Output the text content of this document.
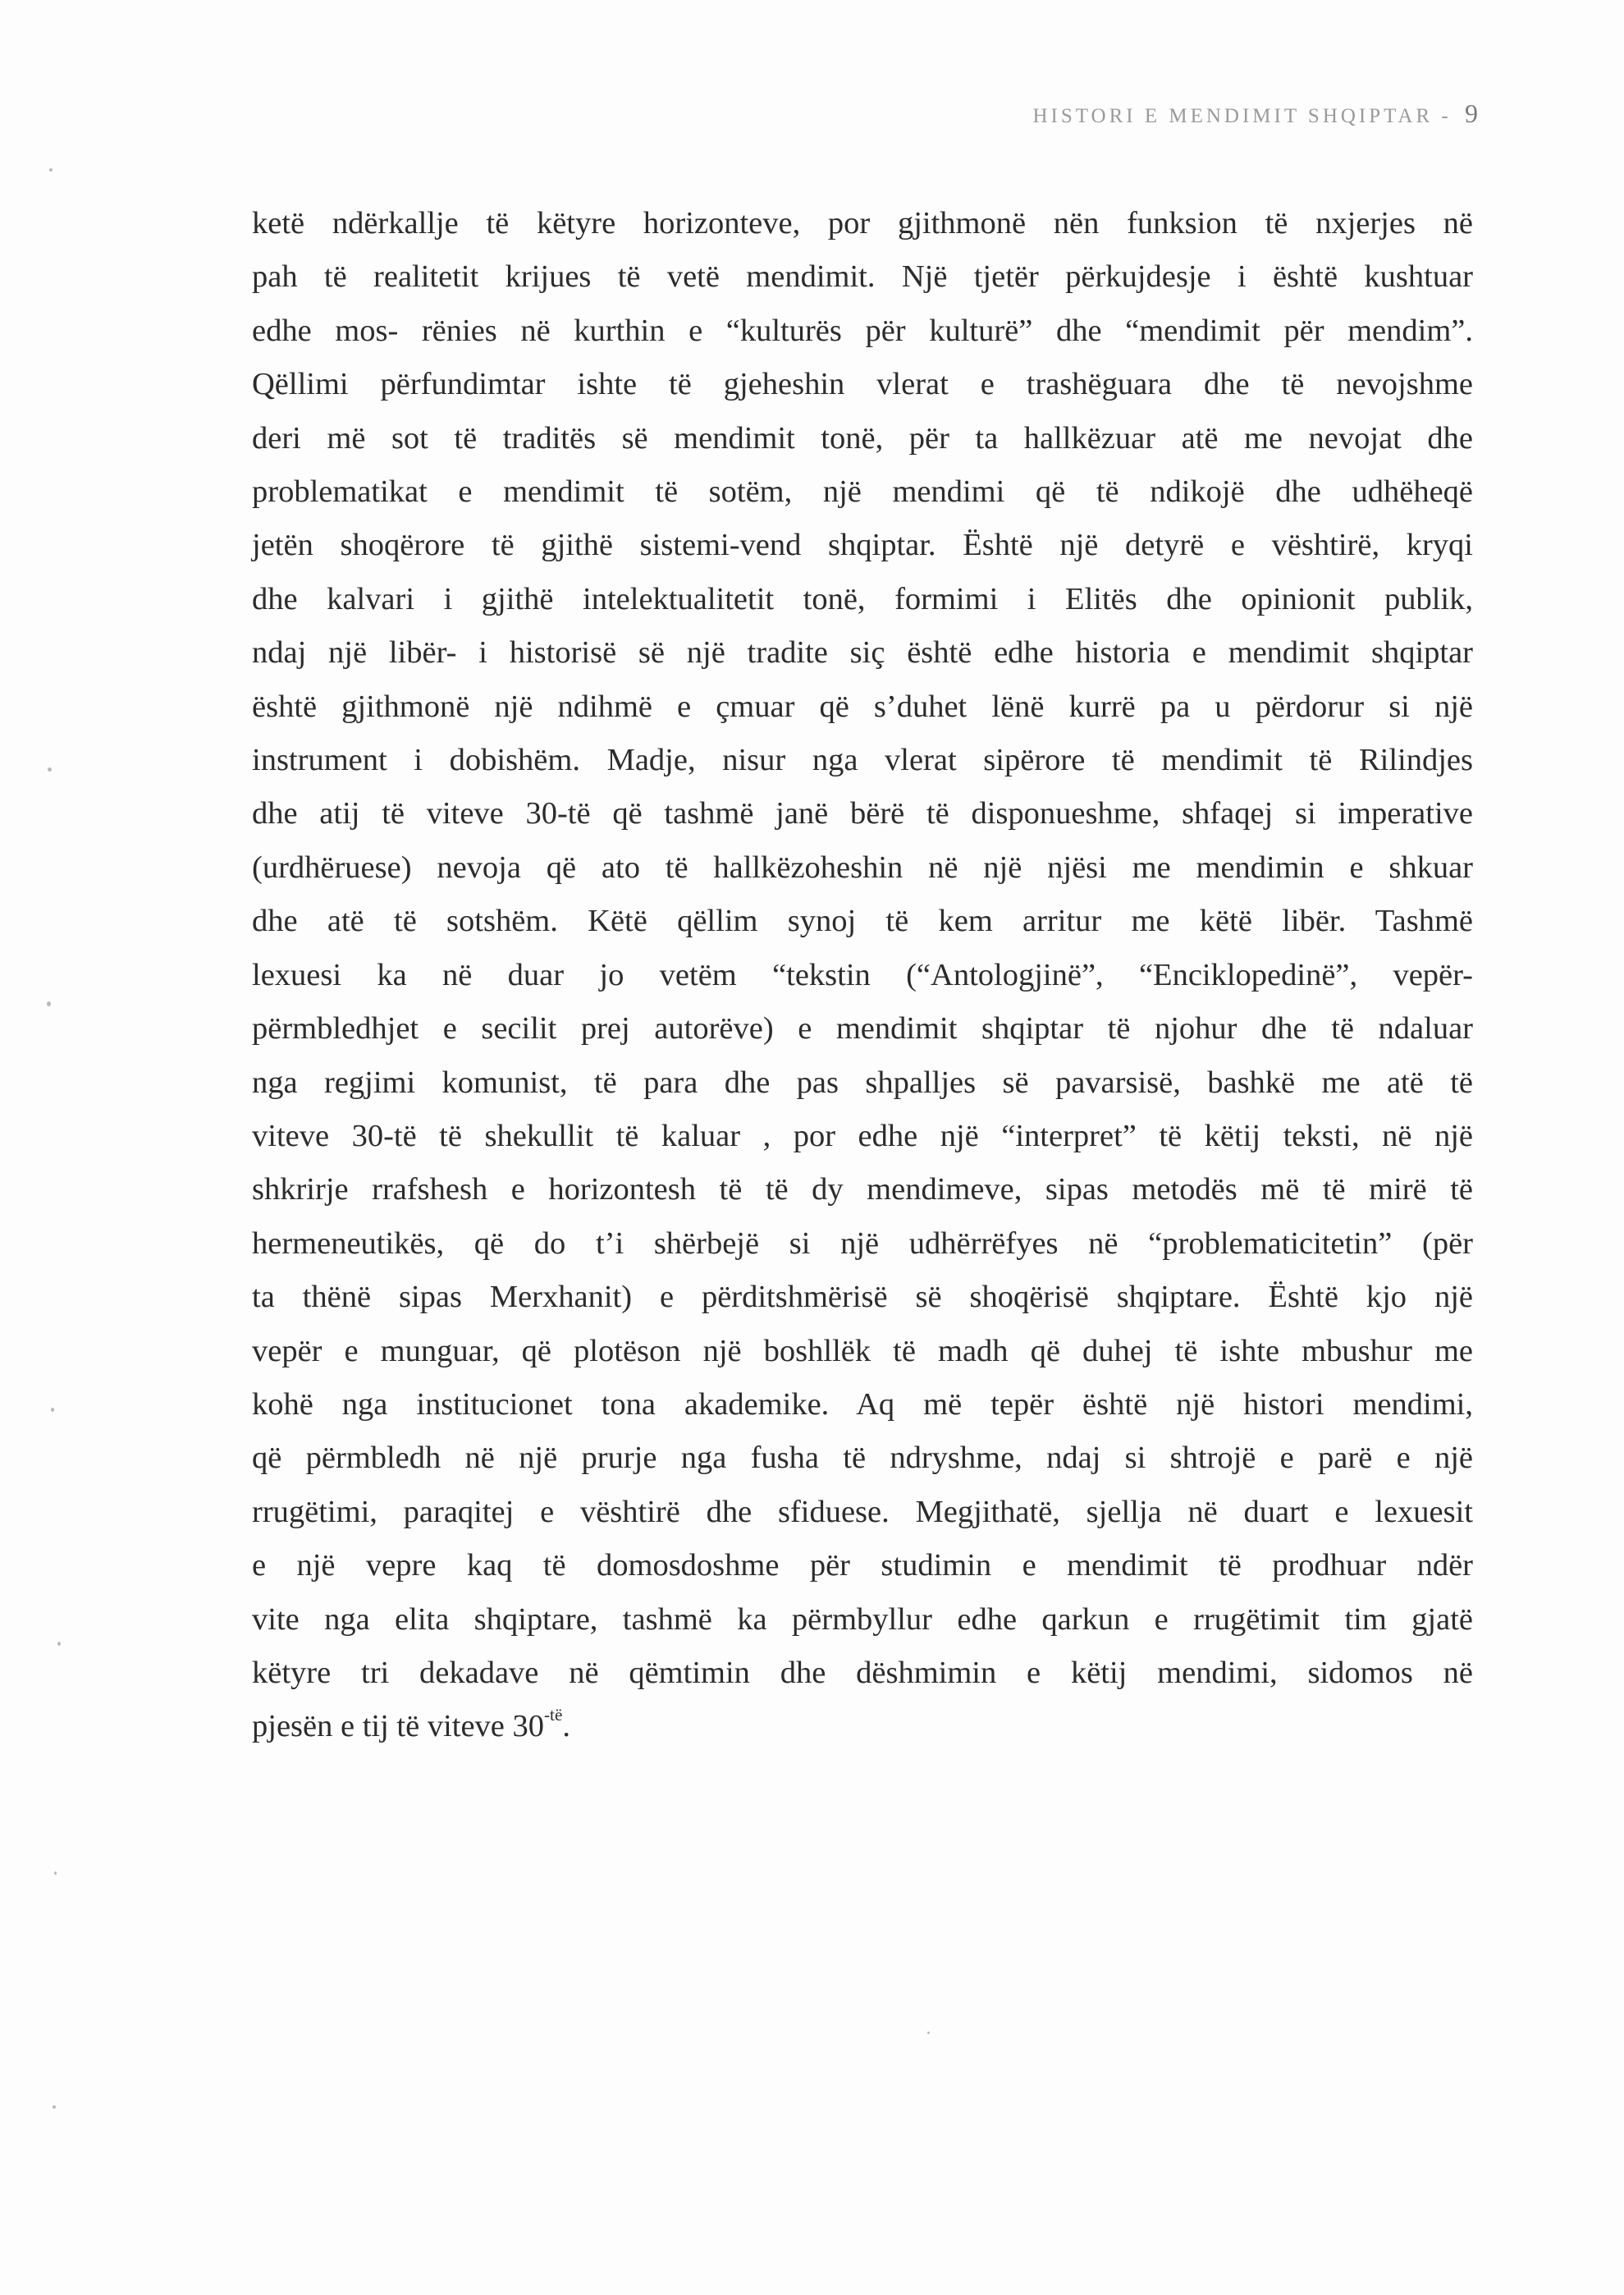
HISTORI E MENDIMIT SHQIPTAR - 9
ketë ndërkallje të këtyre horizonteve, por gjithmonë nën funksion të nxjerjes në
pah të realitetit krijues të vetë mendimit. Një tjetër përkujdesje i është kushtuar
edhe mos- rënies në kurthin e “kulturës për kulturë” dhe “mendimit për mendim”.
Qëllimi përfundimtar ishte të gjeheshin vlerat e trashëguara dhe të nevojshme
deri më sot të traditës së mendimit tonë, për ta hallkëzuar atë me nevojat dhe
problematikat e mendimit të sotëm, një mendimi që të ndikojë dhe udhëheqë
jetën shoqërore të gjithë sistemi-vend shqiptar. Është një detyrë e vështirë, kryqi
dhe kalvari i gjithë intelektualitetit tonë, formimi i Elitës dhe opinionit publik,
ndaj një libër- i historisë së një tradite siç është edhe historia e mendimit shqiptar
është gjithmonë një ndihmë e çmuar që s’duhet lënë kurrë pa u përdorur si një
instrument i dobishëm. Madje, nisur nga vlerat sipërore të mendimit të Rilindjes
dhe atij të viteve 30-të që tashmë janë bërë të disponueshme, shfaqej si imperative
(urdhëruese) nevoja që ato të hallkëzoheshin në një njësi me mendimin e shkuar
dhe atë të sotshëm. Këtë qëllim synoj të kem arritur me këtë libër. Tashmë
lexuesi ka në duar jo vetëm “tekstin (“Antologjinë”, “Enciklopedinë”, vepër-
përmbledhjet e secilit prej autorëve) e mendimit shqiptar të njohur dhe të ndaluar
nga regjimi komunist, të para dhe pas shpalljes së pavarsisë, bashkë me atë të
viteve 30-të të shekullit të kaluar , por edhe një “interpret” të këtij teksti, në një
shkrirje rrafshesh e horizontesh të të dy mendimeve, sipas metodës më të mirë të
hermeneutikës, që do t’i shërbejë si një udhërrëfyes në “problematicitetin” (për
ta thënë sipas Merxhanit) e përditshmërisë së shoqërisë shqiptare. Është kjo një
vepër e munguar, që plotëson një boshllëk të madh që duhej të ishte mbushur me
kohë nga institucionet tona akademike. Aq më tepër është një histori mendimi,
që përmbledh në një prurje nga fusha të ndryshme, ndaj si shtrojë e parë e një
rrugëtimi, paraqitej e vështirë dhe sfiduese. Megjithatë, sjellja në duart e lexuesit
e një vepre kaq të domosdoshme për studimin e mendimit të prodhuar ndër
vite nga elita shqiptare, tashmë ka përmbyllur edhe qarkun e rrugëtimit tim gjatë
këtyre tri dekadave në qëmtimin dhe dëshmimin e këtij mendimi, sidomos në
pjesën e tij të viteve $30^{-të}$.
